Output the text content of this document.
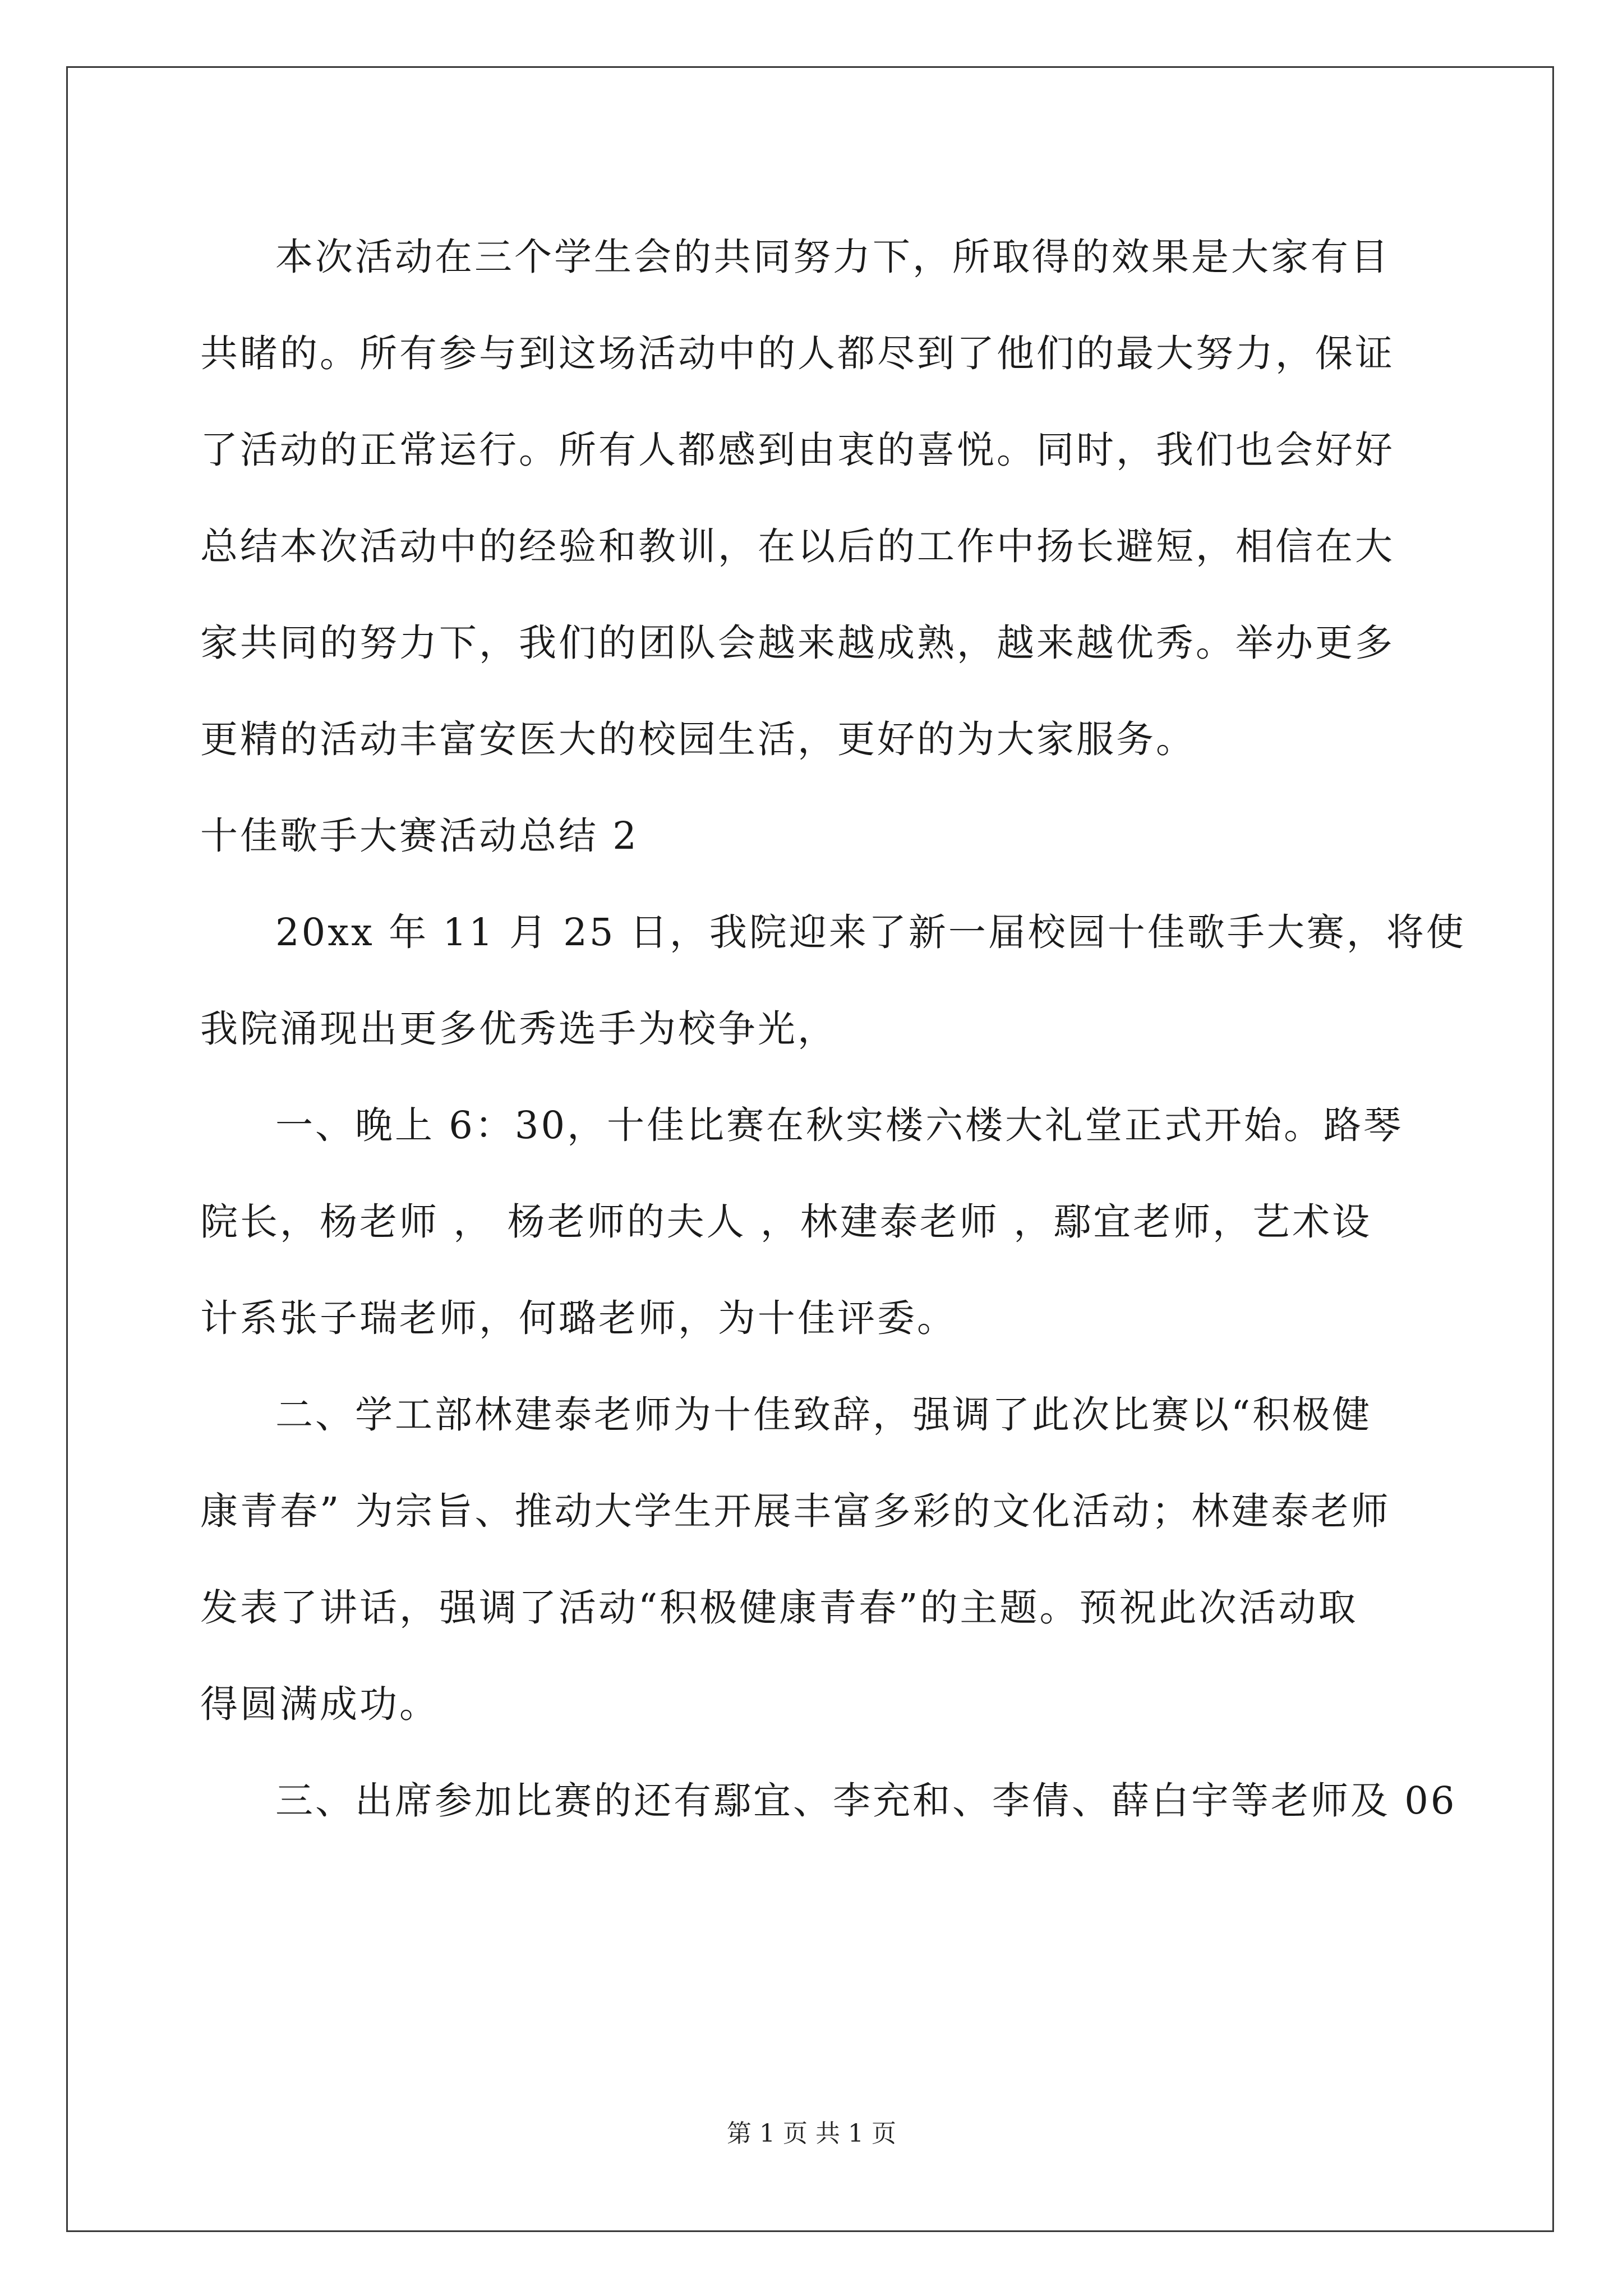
本次活动在三个学生会的共同努力下，所取得的效果是大家有目
共睹的。所有参与到这场活动中的人都尽到了他们的最大努力，保证
了活动的正常运行。所有人都感到由衷的喜悦。同时，我们也会好好
总结本次活动中的经验和教训，在以后的工作中扬长避短，相信在大
家共同的努力下，我们的团队会越来越成熟，越来越优秀。举办更多
更精的活动丰富安医大的校园生活，更好的为大家服务。
十佳歌手大赛活动总结 2
20xx 年 11 月 25 日，我院迎来了新一届校园十佳歌手大赛，将使
我院涌现出更多优秀选手为校争光，
一、晚上 6：30，十佳比赛在秋实楼六楼大礼堂正式开始。路琴
院长，杨老师 ， 杨老师的夫人 ，林建泰老师 ，鄢宜老师，艺术设
计系张子瑞老师，何璐老师，为十佳评委。
二、学工部林建泰老师为十佳致辞，强调了此次比赛以“积极健
康青春” 为宗旨、推动大学生开展丰富多彩的文化活动；林建泰老师
发表了讲话，强调了活动“积极健康青春”的主题。预祝此次活动取
得圆满成功。
三、出席参加比赛的还有鄢宜、李充和、李倩、薛白宇等老师及 06
第 1 页 共 1 页
